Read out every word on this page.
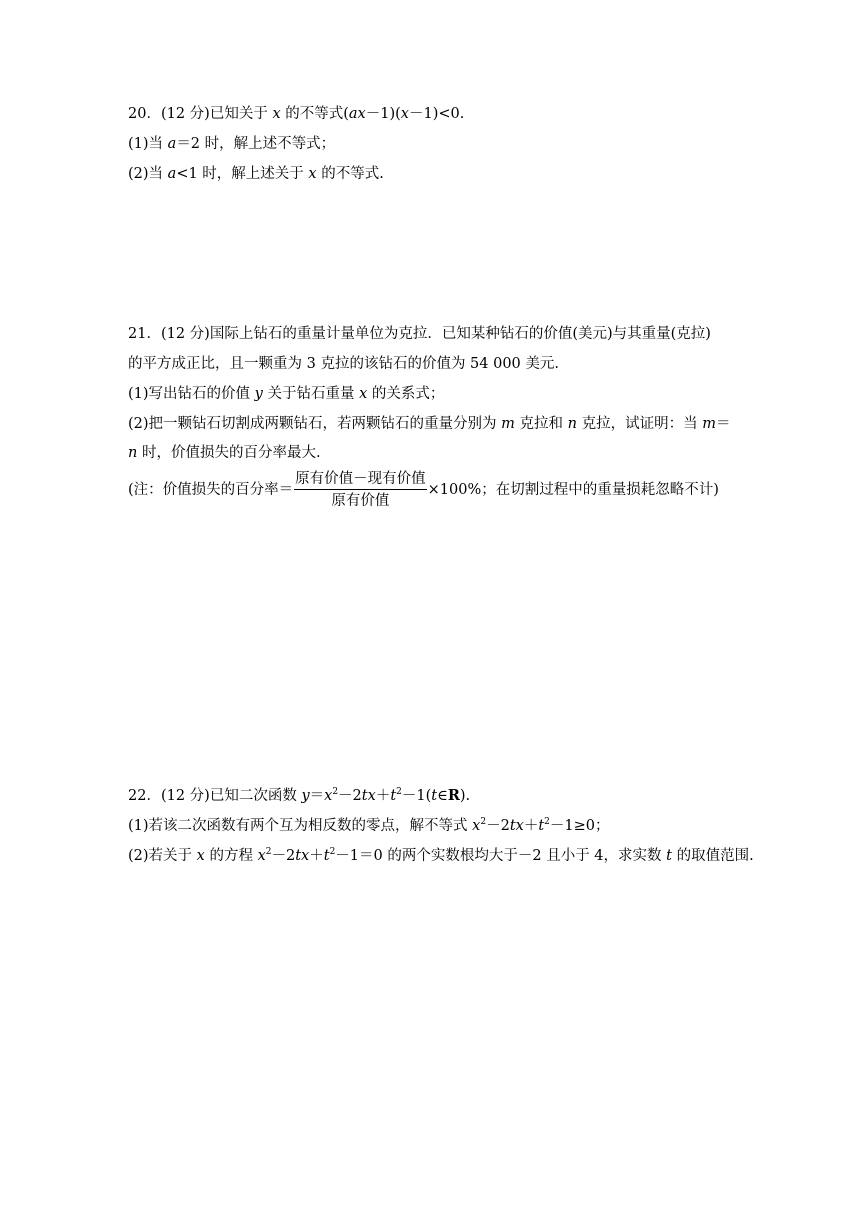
20．(12 分)已知关于 x 的不等式(ax－1)(x－1)<0.
(1)当 a＝2 时，解上述不等式；
(2)当 a<1 时，解上述关于 x 的不等式.
21．(12 分)国际上钻石的重量计量单位为克拉．已知某种钻石的价值(美元)与其重量(克拉)
的平方成正比，且一颗重为 3 克拉的该钻石的价值为 54 000 美元.
(1)写出钻石的价值 y 关于钻石重量 x 的关系式；
(2)把一颗钻石切割成两颗钻石，若两颗钻石的重量分别为 m 克拉和 n 克拉，试证明：当 m＝
n 时，价值损失的百分率最大.
(注：价值损失的百分率＝ $\frac{\text{原有价值－现有价值}}{\text{原有价值}} \times 100\%$；在切割过程中的重量损耗忽略不计)
22．(12 分)已知二次函数 $y=x^2-2tx+t^2-1(t\in R)$.
(1)若该二次函数有两个互为相反数的零点，解不等式 $x^2-2tx+t^2-1\ge 0$；
(2)若关于 x 的方程 $x^2-2tx+t^2-1=0$ 的两个实数根均大于－2 且小于 4，求实数 t 的取值范围.
